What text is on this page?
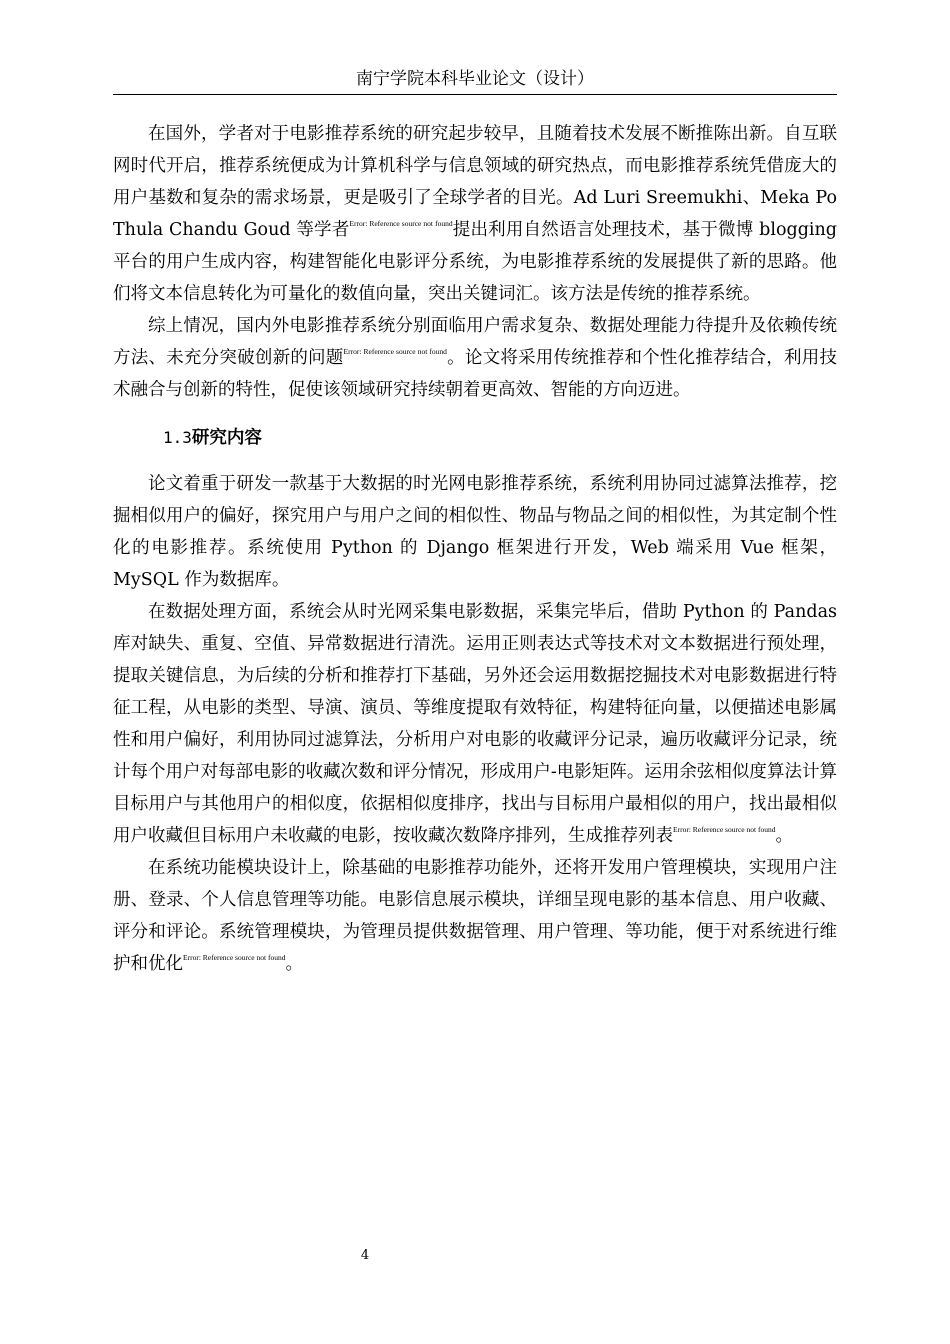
南宁学院本科毕业论文（设计）

在国外，学者对于电影推荐系统的研究起步较早，且随着技术发展不断推陈出新。自互联网时代开启，推荐系统便成为计算机科学与信息领域的研究热点，而电影推荐系统凭借庞大的用户基数和复杂的需求场景，更是吸引了全球学者的目光。Ad Luri Sreemukhi、Meka Po Thula Chandu Goud 等学者$^{Error: Reference source not found}$提出利用自然语言处理技术，基于微博 blogging 平台的用户生成内容，构建智能化电影评分系统，为电影推荐系统的发展提供了新的思路。他们将文本信息转化为可量化的数值向量，突出关键词汇。该方法是传统的推荐系统。

综上情况，国内外电影推荐系统分别面临用户需求复杂、数据处理能力待提升及依赖传统方法、未充分突破创新的问题$^{Error: Reference source not found}$。论文将采用传统推荐和个性化推荐结合，利用技术融合与创新的特性，促使该领域研究持续朝着更高效、智能的方向迈进。

1.3研究内容

论文着重于研发一款基于大数据的时光网电影推荐系统，系统利用协同过滤算法推荐，挖掘相似用户的偏好，探究用户与用户之间的相似性、物品与物品之间的相似性，为其定制个性化的电影推荐。系统使用 Python 的 Django 框架进行开发，Web 端采用 Vue 框架，MySQL 作为数据库。

在数据处理方面，系统会从时光网采集电影数据，采集完毕后，借助 Python 的 Pandas 库对缺失、重复、空值、异常数据进行清洗。运用正则表达式等技术对文本数据进行预处理，提取关键信息，为后续的分析和推荐打下基础，另外还会运用数据挖掘技术对电影数据进行特征工程，从电影的类型、导演、演员、等维度提取有效特征，构建特征向量，以便描述电影属性和用户偏好，利用协同过滤算法，分析用户对电影的收藏评分记录，遍历收藏评分记录，统计每个用户对每部电影的收藏次数和评分情况，形成用户-电影矩阵。运用余弦相似度算法计算目标用户与其他用户的相似度，依据相似度排序，找出与目标用户最相似的用户，找出最相似用户收藏但目标用户未收藏的电影，按收藏次数降序排列，生成推荐列表$^{Error: Reference source not found}$。

在系统功能模块设计上，除基础的电影推荐功能外，还将开发用户管理模块，实现用户注册、登录、个人信息管理等功能。电影信息展示模块，详细呈现电影的基本信息、用户收藏、评分和评论。系统管理模块，为管理员提供数据管理、用户管理、等功能，便于对系统进行维护和优化$^{Error: Reference source not found}$。

4
